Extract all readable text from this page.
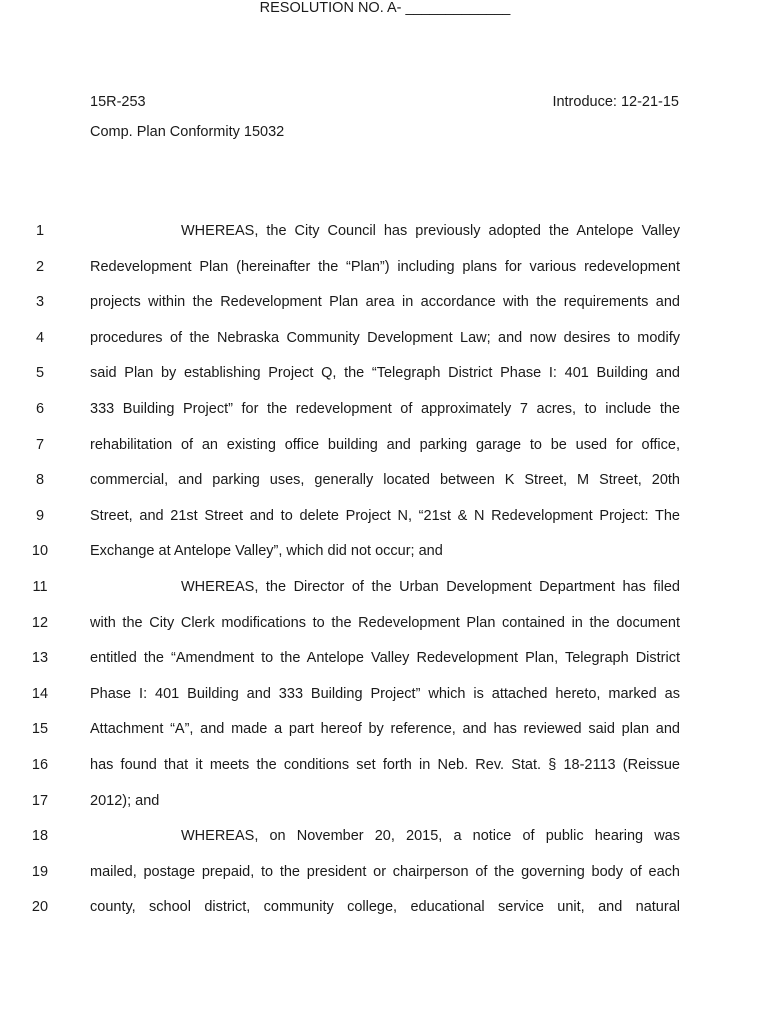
15R-253	Introduce: 12-21-15
Comp. Plan Conformity 15032
RESOLUTION NO. A- _____________
1	WHEREAS, the City Council has previously adopted the Antelope Valley
2	Redevelopment Plan (hereinafter the “Plan”) including plans for various redevelopment
3	projects within the Redevelopment Plan area in accordance with the requirements and
4	procedures of the Nebraska Community Development Law; and now desires to modify
5	said Plan by establishing Project Q, the “Telegraph District Phase I: 401 Building and
6	333 Building Project” for the redevelopment of approximately 7 acres, to include the
7	rehabilitation of an existing office building and parking garage to be used for office,
8	commercial, and parking uses, generally located between K Street, M Street, 20th
9	Street, and 21st Street and to delete Project N, “21st & N Redevelopment Project: The
10	Exchange at Antelope Valley”, which did not occur; and
11	WHEREAS, the Director of the Urban Development Department has filed
12	with the City Clerk modifications to the Redevelopment Plan contained in the document
13	entitled the “Amendment to the Antelope Valley Redevelopment Plan, Telegraph District
14	Phase I: 401 Building and 333 Building Project” which is attached hereto, marked as
15	Attachment “A”, and made a part hereof by reference, and has reviewed said plan and
16	has found that it meets the conditions set forth in Neb. Rev. Stat. § 18-2113 (Reissue
17	2012); and
18	WHEREAS, on November 20, 2015, a notice of public hearing was
19	mailed, postage prepaid, to the president or chairperson of the governing body of each
20	county, school district, community college, educational service unit, and natural
